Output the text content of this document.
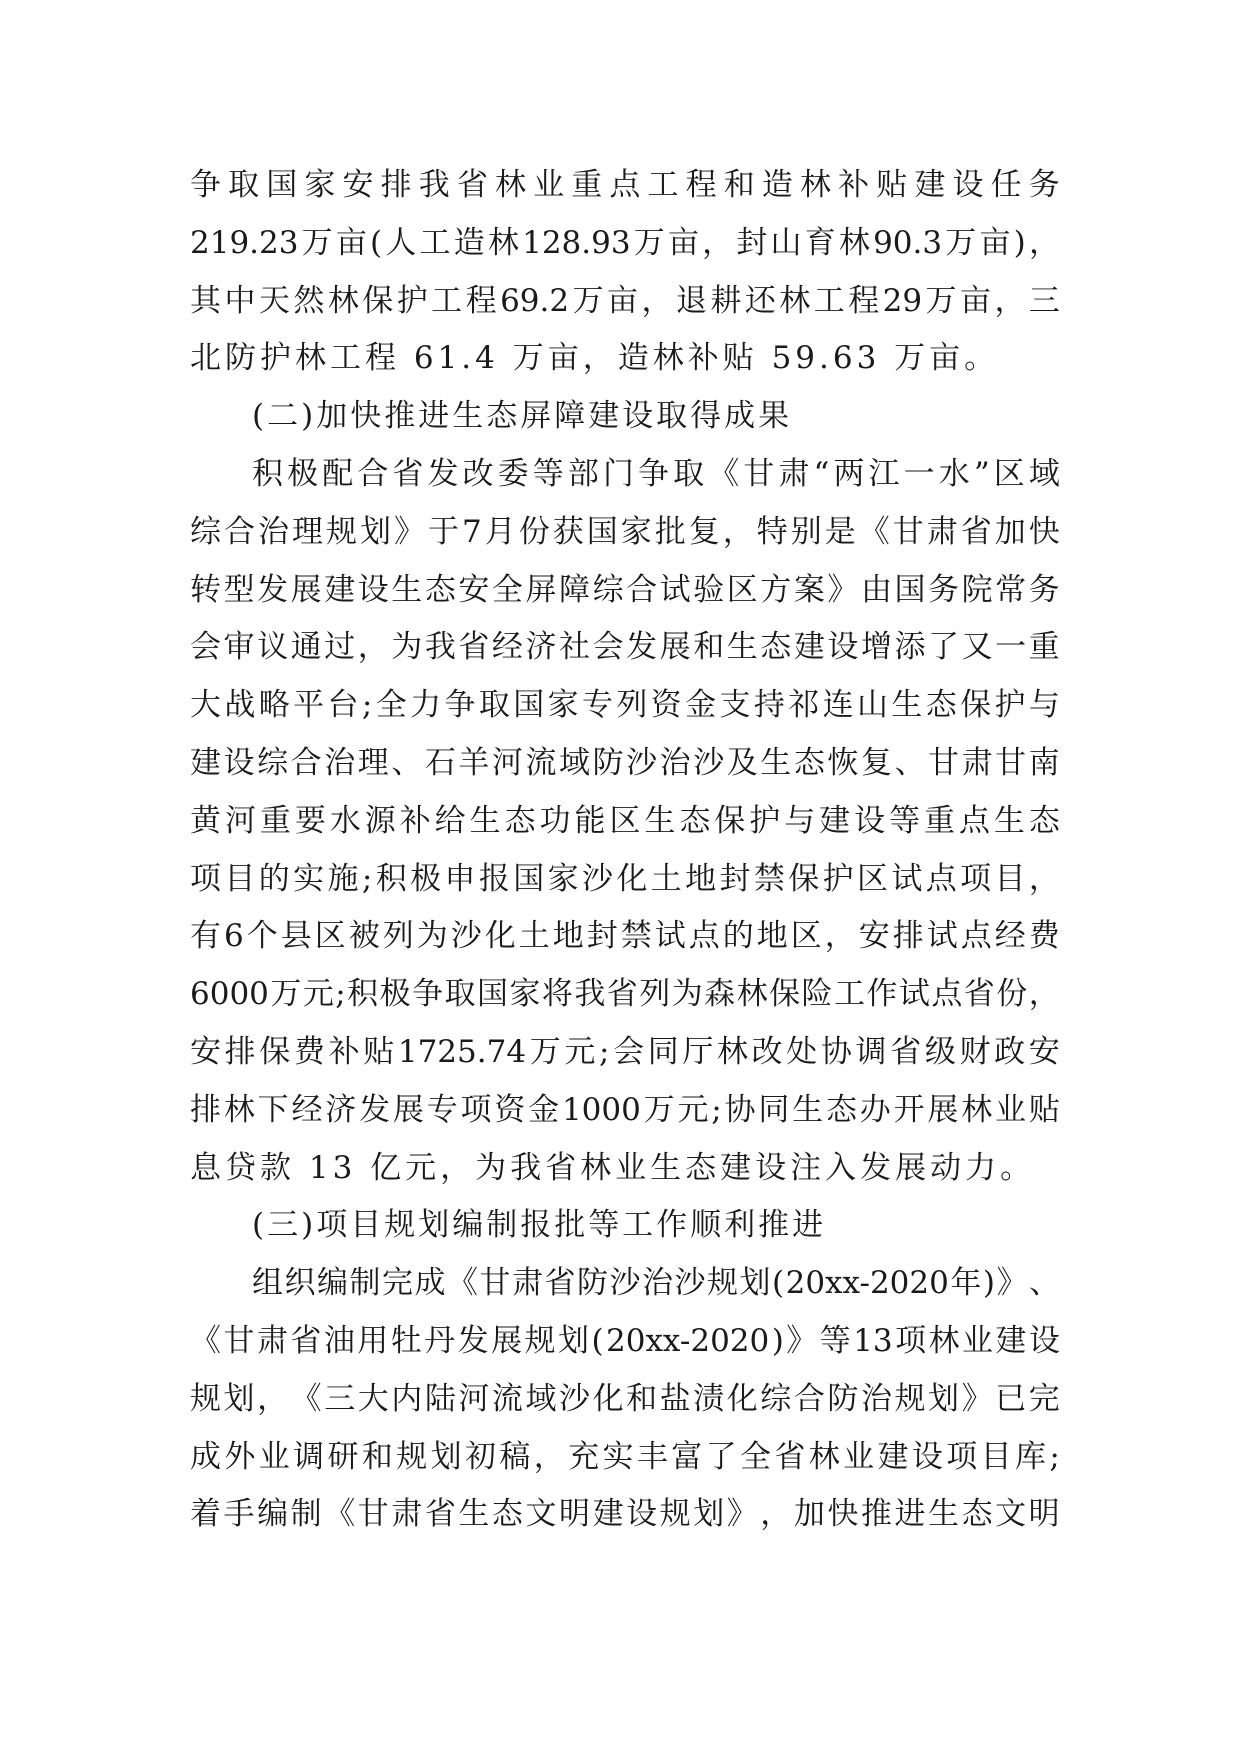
争 取 国 家 安 排 我 省 林 业 重 点 工 程 和 造 林 补 贴 建 设 任 务
219.23 万 亩 ( 人 工 造 林 128.93 万 亩 ， 封 山 育 林 90.3 万 亩 ) ，
其 中 天 然 林 保 护 工 程 69.2 万 亩 ， 退 耕 还 林 工 程 29 万 亩 ， 三
北防护林工程 61.4 万亩，造林补贴 59.63 万亩。
(二)加快推进生态屏障建设取得成果
积 极 配 合 省 发 改 委 等 部 门 争 取 《 甘 肃 “ 两 江 一 水 ” 区 域
综 合 治 理 规 划 》 于 7 月 份 获 国 家 批 复 ， 特 别 是 《 甘 肃 省 加 快
转 型 发 展 建 设 生 态 安 全 屏 障 综 合 试 验 区 方 案 》 由 国 务 院 常 务
会 审 议 通 过 ， 为 我 省 经 济 社 会 发 展 和 生 态 建 设 增 添 了 又 一 重
大 战 略 平 台 ; 全 力 争 取 国 家 专 列 资 金 支 持 祁 连 山 生 态 保 护 与
建 设 综 合 治 理 、 石 羊 河 流 域 防 沙 治 沙 及 生 态 恢 复 、 甘 肃 甘 南
黄 河 重 要 水 源 补 给 生 态 功 能 区 生 态 保 护 与 建 设 等 重 点 生 态
项 目 的 实 施 ; 积 极 申 报 国 家 沙 化 土 地 封 禁 保 护 区 试 点 项 目 ，
有 6 个 县 区 被 列 为 沙 化 土 地 封 禁 试 点 的 地 区 ， 安 排 试 点 经 费
6000 万 元 ; 积 极 争 取 国 家 将 我 省 列 为 森 林 保 险 工 作 试 点 省 份 ，
安 排 保 费 补 贴 1725.74 万 元 ; 会 同 厅 林 改 处 协 调 省 级 财 政 安
排 林 下 经 济 发 展 专 项 资 金 1000 万 元 ; 协 同 生 态 办 开 展 林 业 贴
息贷款 13 亿元，为我省林业生态建设注入发展动力。
(三)项目规划编制报批等工作顺利推进
组 织 编 制 完 成 《 甘 肃 省 防 沙 治 沙 规 划 ( 20xx-2020 年 ) 》 、
《 甘 肃 省 油 用 牡 丹 发 展 规 划 ( 20xx-2020 ) 》 等 13 项 林 业 建 设
规 划 ， 《 三 大 内 陆 河 流 域 沙 化 和 盐 渍 化 综 合 防 治 规 划 》 已 完
成 外 业 调 研 和 规 划 初 稿 ， 充 实 丰 富 了 全 省 林 业 建 设 项 目 库 ;
着 手 编 制 《 甘 肃 省 生 态 文 明 建 设 规 划 》 ， 加 快 推 进 生 态 文 明
